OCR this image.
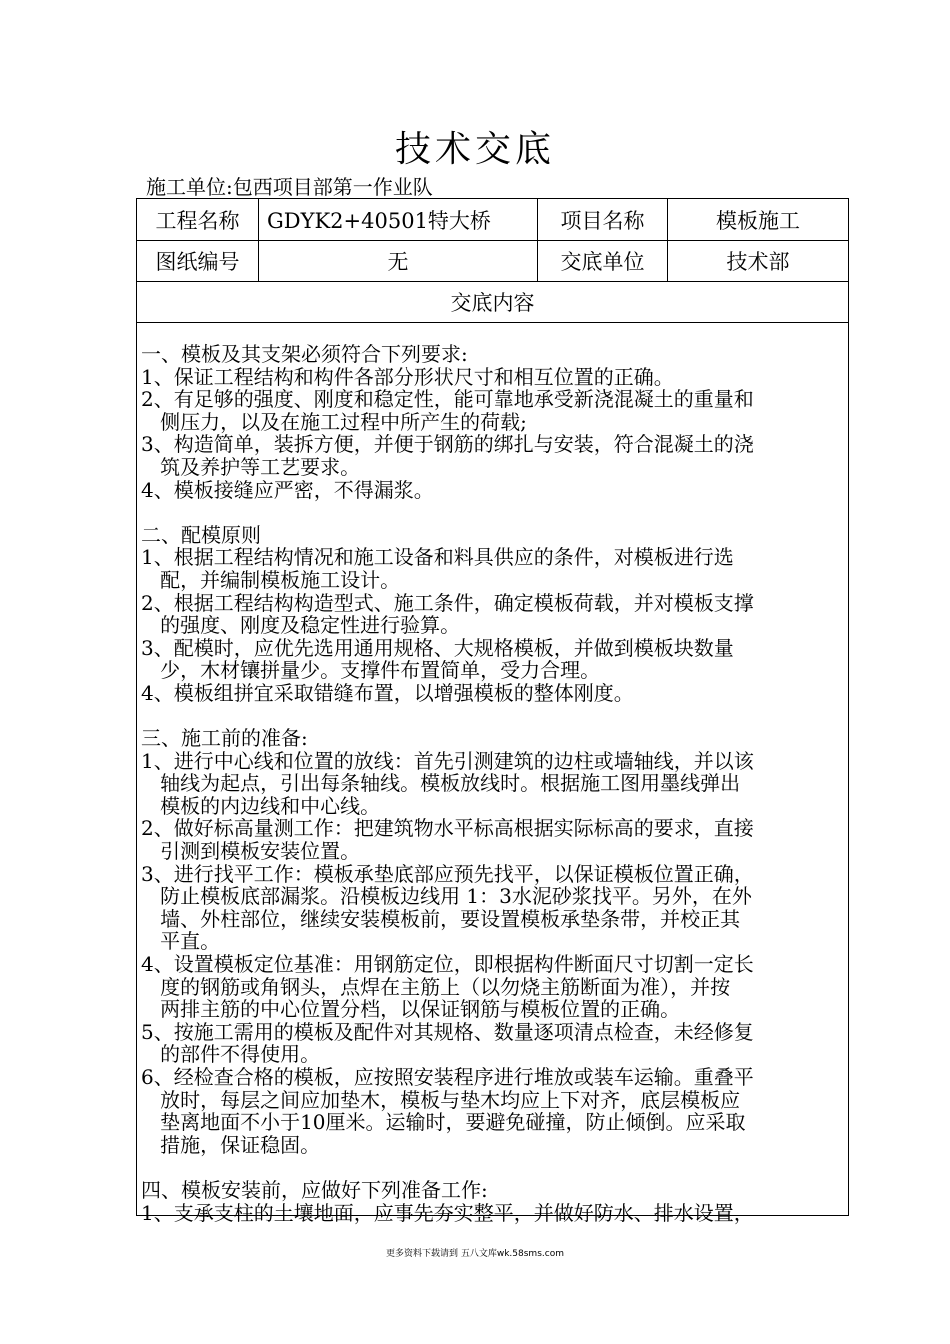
技术交底
施工单位:包西项目部第一作业队
工程名称	GDYK2+40501特大桥	项目名称	模板施工
图纸编号	无	交底单位	技术部
交底内容
一、模板及其支架必须符合下列要求:
1、保证工程结构和构件各部分形状尺寸和相互位置的正确。
2、有足够的强度、刚度和稳定性，能可靠地承受新浇混凝土的重量和
侧压力，以及在施工过程中所产生的荷载;
3、构造简单，装拆方便，并便于钢筋的绑扎与安装，符合混凝土的浇
筑及养护等工艺要求。
4、模板接缝应严密，不得漏浆。
二、配模原则
1、根据工程结构情况和施工设备和料具供应的条件，对模板进行选
配，并编制模板施工设计。
2、根据工程结构构造型式、施工条件，确定模板荷载，并对模板支撑
的强度、刚度及稳定性进行验算。
3、配模时，应优先选用通用规格、大规格模板，并做到模板块数量
少，木材镶拼量少。支撑件布置简单，受力合理。
4、模板组拼宜采取错缝布置，以增强模板的整体刚度。
三、施工前的准备:
1、进行中心线和位置的放线：首先引测建筑的边柱或墙轴线，并以该
轴线为起点，引出每条轴线。模板放线时。根据施工图用墨线弹出
模板的内边线和中心线。
2、做好标高量测工作：把建筑物水平标高根据实际标高的要求，直接
引测到模板安装位置。
3、进行找平工作：模板承垫底部应预先找平，以保证模板位置正确，
防止模板底部漏浆。沿模板边线用 1：3水泥砂浆找平。另外，在外
墙、外柱部位，继续安装模板前，要设置模板承垫条带，并校正其
平直。
4、设置模板定位基准：用钢筋定位，即根据构件断面尺寸切割一定长
度的钢筋或角钢头，点焊在主筋上（以勿烧主筋断面为准），并按
两排主筋的中心位置分档，以保证钢筋与模板位置的正确。
5、按施工需用的模板及配件对其规格、数量逐项清点检查，未经修复
的部件不得使用。
6、经检查合格的模板，应按照安装程序进行堆放或装车运输。重叠平
放时，每层之间应加垫木，模板与垫木均应上下对齐，底层模板应
垫离地面不小于10厘米。运输时，要避免碰撞，防止倾倒。应采取
措施，保证稳固。
四、模板安装前，应做好下列准备工作:
1、支承支柱的土壤地面，应事先夯实整平，并做好防水、排水设置，
更多资料下载请到 五八文库wk.58sms.com
